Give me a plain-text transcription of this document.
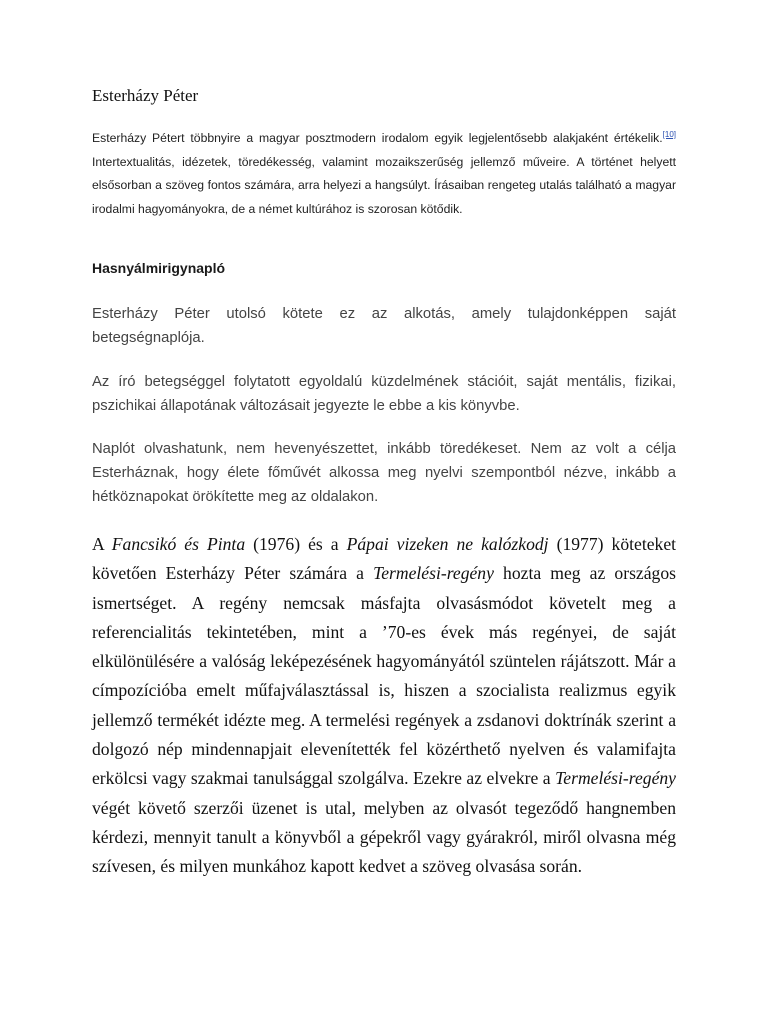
Esterházy Péter

Esterházy Pétert többnyire a magyar posztmodern irodalom egyik legjelentősebb alakjaként értékelik.[10] Intertextualitás, idézetek, töredékesség, valamint mozaikszerűség jellemző műveire. A történet helyett elsősorban a szöveg fontos számára, arra helyezi a hangsúlyt. Írásaiban rengeteg utalás található a magyar irodalmi hagyományokra, de a német kultúrához is szorosan kötődik.

Hasnyálmirigynapló

Esterházy Péter utolsó kötete ez az alkotás, amely tulajdonképpen saját betegségnaplója.

Az író betegséggel folytatott egyoldalú küzdelmének stációit, saját mentális, fizikai, pszichikai állapotának változásait jegyezte le ebbe a kis könyvbe.

Naplót olvashatunk, nem hevenyészettet, inkább töredékeset. Nem az volt a célja Esterháznak, hogy élete főművét alkossa meg nyelvi szempontból nézve, inkább a hétköznapokat örökítette meg az oldalakon.

A Fancsikó és Pinta (1976) és a Pápai vizeken ne kalózkodj (1977) köteteket követően Esterházy Péter számára a Termelési-regény hozta meg az országos ismertséget. A regény nemcsak másfajta olvasásmódot követelt meg a referencialitás tekintetében, mint a ’70-es évek más regényei, de saját elkülönülésére a valóság leképezésének hagyományától szüntelen rájátszott. Már a címpozícióba emelt műfajválasztással is, hiszen a szocialista realizmus egyik jellemző termékét idézte meg. A termelési regények a zsdanovi doktrínák szerint a dolgozó nép mindennapjait elevenítették fel közérthető nyelven és valamifajta erkölcsi vagy szakmai tanulsággal szolgálva. Ezekre az elvekre a Termelési-regény végét követő szerzői üzenet is utal, melyben az olvasót tegeződő hangnemben kérdezi, mennyit tanult a könyvből a gépekről vagy gyárakról, miről olvasna még szívesen, és milyen munkához kapott kedvet a szöveg olvasása során.
